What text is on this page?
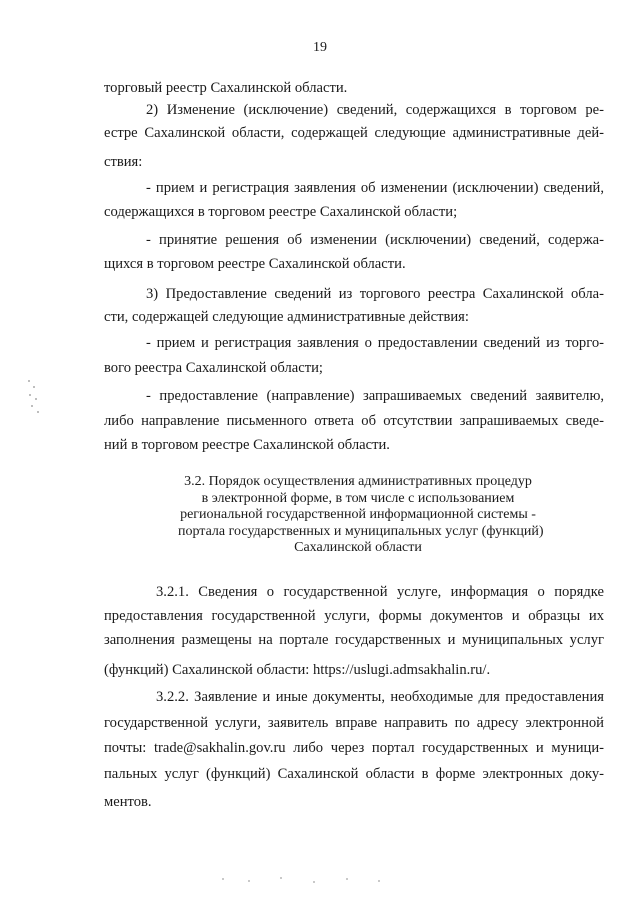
19
торговый реестр Сахалинской области.
2) Изменение (исключение) сведений, содержащихся в торговом ре-
естре Сахалинской области, содержащей следующие административные дей-
ствия:
- прием и регистрация заявления об изменении (исключении) сведений,
содержащихся в торговом реестре Сахалинской области;
- принятие решения об изменении (исключении) сведений, содержа-
щихся в торговом реестре Сахалинской области.
3) Предоставление сведений из торгового реестра Сахалинской обла-
сти, содержащей следующие административные действия:
- прием и регистрация заявления о предоставлении сведений из торго-
вого реестра Сахалинской области;
- предоставление (направление) запрашиваемых сведений заявителю,
либо направление письменного ответа об отсутствии запрашиваемых сведе-
ний в торговом реестре Сахалинской области.
3.2. Порядок осуществления административных процедур
в электронной форме, в том числе с использованием
региональной государственной информационной системы -
портала государственных и муниципальных услуг (функций)
Сахалинской области
3.2.1. Сведения о государственной услуге, информация о порядке
предоставления государственной услуги, формы документов и образцы их
заполнения размещены на портале государственных и муниципальных услуг
(функций) Сахалинской области: https://uslugi.admsakhalin.ru/.
3.2.2. Заявление и иные документы, необходимые для предоставления
государственной услуги, заявитель вправе направить по адресу электронной
почты: trade@sakhalin.gov.ru либо через портал государственных и муници-
пальных услуг (функций) Сахалинской области в форме электронных доку-
ментов.
